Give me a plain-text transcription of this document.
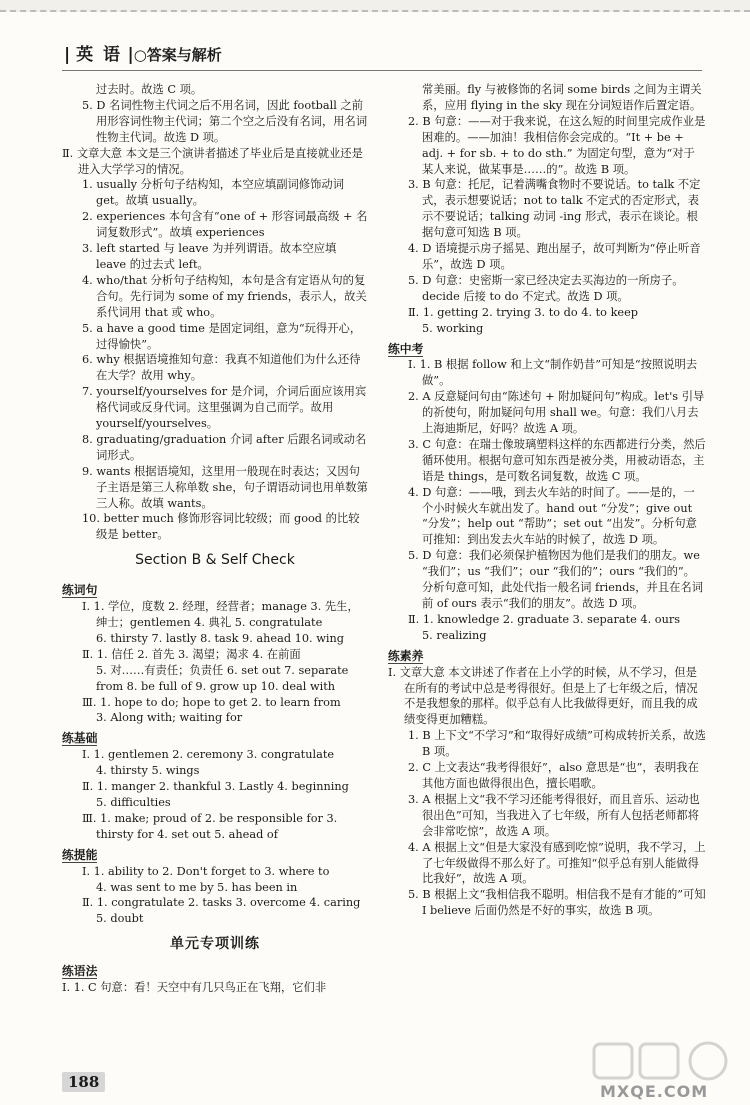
| 英 语 |○答案与解析

过去时。故选 C 项。

5. D 名词性物主代词之后不用名词，因此 football 之前用形容词性物主代词；第二个空之后没有名词，用名词性物主代词。故选 D 项。

Ⅱ. 文章大意 本文是三个演讲者描述了毕业后是直接就业还是进入大学学习的情况。

1. usually 分析句子结构知，本空应填副词修饰动词 get。故填 usually。

2. experiences 本句含有“one of + 形容词最高级 + 名词复数形式”。故填 experiences

3. left started 与 leave 为并列谓语。故本空应填 leave 的过去式 left。

4. who/that 分析句子结构知，本句是含有定语从句的复合句。先行词为 some of my friends，表示人，故关系代词用 that 或 who。

5. a have a good time 是固定词组，意为“玩得开心，过得愉快”。

6. why 根据语境推知句意：我真不知道他们为什么还待在大学？故用 why。

7. yourself/yourselves for 是介词，介词后面应该用宾格代词或反身代词。这里强调为自己而学。故用 yourself/yourselves。

8. graduating/graduation 介词 after 后跟名词或动名词形式。

9. wants 根据语境知，这里用一般现在时表达；又因句子主语是第三人称单数 she，句子谓语动词也用单数第三人称。故填 wants。

10. better much 修饰形容词比较级；而 good 的比较级是 better。

Section B & Self Check

练词句

Ⅰ. 1. 学位，度数 2. 经理，经营者；manage 3. 先生，绅士；gentlemen 4. 典礼 5. congratulate

6. thirsty 7. lastly 8. task 9. ahead 10. wing

Ⅱ. 1. 信任 2. 首先 3. 渴望；渴求 4. 在前面

5. 对……有责任；负责任 6. set out 7. separate from 8. be full of 9. grow up 10. deal with

Ⅲ. 1. hope to do; hope to get 2. to learn from

3. Along with; waiting for

练基础

Ⅰ. 1. gentlemen 2. ceremony 3. congratulate

4. thirsty 5. wings

Ⅱ. 1. manger 2. thankful 3. Lastly 4. beginning

5. difficulties

Ⅲ. 1. make; proud of 2. be responsible for 3. thirsty for 4. set out 5. ahead of

练提能

Ⅰ. 1. ability to 2. Don't forget to 3. where to

4. was sent to me by 5. has been in

Ⅱ. 1. congratulate 2. tasks 3. overcome 4. caring

5. doubt

单元专项训练

练语法

Ⅰ. 1. C 句意：看！天空中有几只鸟正在飞翔，它们非

常美丽。fly 与被修饰的名词 some birds 之间为主谓关系，应用 flying in the sky 现在分词短语作后置定语。

2. B 句意：——对于我来说，在这么短的时间里完成作业是困难的。——加油！我相信你会完成的。“It + be + adj. + for sb. + to do sth.” 为固定句型，意为“对于某人来说，做某事是……的”。故选 B 项。

3. B 句意：托尼，记着满嘴食物时不要说话。to talk 不定式，表示想要说话；not to talk 不定式的否定形式，表示不要说话；talking 动词 -ing 形式，表示在谈论。根据句意可知选 B 项。

4. D 语境提示房子摇晃、跑出屋子，故可判断为“停止听音乐”，故选 D 项。

5. D 句意：史密斯一家已经决定去买海边的一所房子。decide 后接 to do 不定式。故选 D 项。

Ⅱ. 1. getting 2. trying 3. to do 4. to keep

5. working

练中考

Ⅰ. 1. B 根据 follow 和上文“制作奶昔”可知是“按照说明去做”。

2. A 反意疑问句由“陈述句 + 附加疑问句”构成。let's 引导的祈使句，附加疑问句用 shall we。句意：我们八月去上海迪斯尼，好吗？故选 A 项。

3. C 句意：在瑞士像玻璃塑料这样的东西都进行分类，然后循环使用。根据句意可知东西是被分类，用被动语态，主语是 things，是可数名词复数，故选 C 项。

4. D 句意：——哦，到去火车站的时间了。——是的，一个小时候火车就出发了。hand out “分发”；give out “分发”；help out “帮助”；set out “出发”。分析句意可推知：到出发去火车站的时候了，故选 D 项。

5. D 句意：我们必须保护植物因为他们是我们的朋友。we “我们”；us “我们”；our “我们的”；ours “我们的”。分析句意可知，此处代指一般名词 friends，并且在名词前 of ours 表示“我们的朋友”。故选 D 项。

Ⅱ. 1. knowledge 2. graduate 3. separate 4. ours

5. realizing

练素养

Ⅰ. 文章大意 本文讲述了作者在上小学的时候，从不学习，但是在所有的考试中总是考得很好。但是上了七年级之后，情况不是我想象的那样。似乎总有人比我做得更好，而且我的成绩变得更加糟糕。

1. B 上下文“不学习”和“取得好成绩”可构成转折关系，故选 B 项。

2. C 上文表达“我考得很好”，also 意思是“也”，表明我在其他方面也做得很出色，擅长唱歌。

3. A 根据上文“我不学习还能考得很好，而且音乐、运动也很出色”可知，当我进入了七年级，所有人包括老师都将会非常吃惊”，故选 A 项。

4. A 根据上文“但是大家没有感到吃惊”说明，我不学习，上了七年级做得不那么好了。可推知“似乎总有别人能做得比我好”，故选 A 项。

5. B 根据上文“我相信我不聪明。相信我不是有才能的”可知 I believe 后面仍然是不好的事实，故选 B 项。

188	MXQE.COM
